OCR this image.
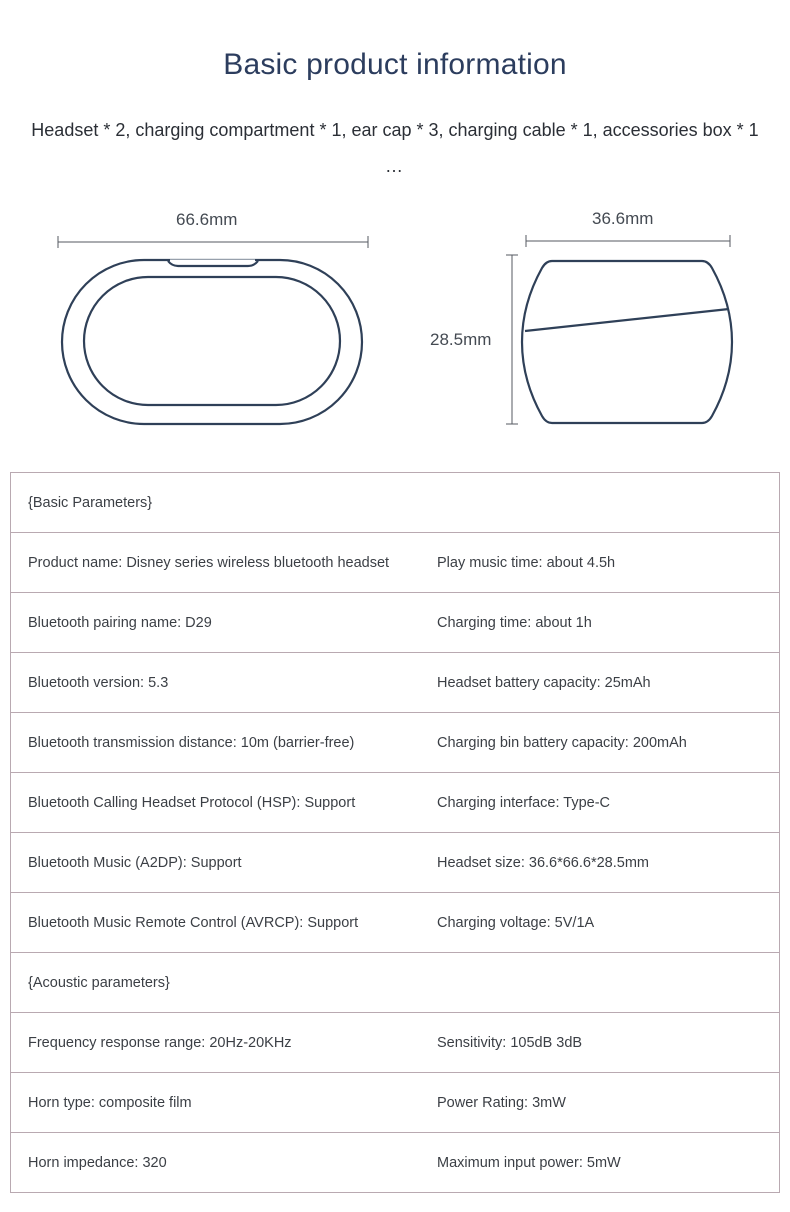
Basic product information
Headset * 2, charging compartment * 1, ear cap * 3, charging cable * 1, accessories box * 1
…
66.6mm	36.6mm
28.5mm
{Basic Parameters}
Product name: Disney series wireless bluetooth headset	Play music time: about 4.5h
Bluetooth pairing name: D29	Charging time: about 1h
Bluetooth version: 5.3	Headset battery capacity: 25mAh
Bluetooth transmission distance: 10m (barrier-free)	Charging bin battery capacity: 200mAh
Bluetooth Calling Headset Protocol (HSP): Support	Charging interface: Type-C
Bluetooth Music (A2DP): Support	Headset size: 36.6*66.6*28.5mm
Bluetooth Music Remote Control (AVRCP): Support	Charging voltage: 5V/1A
{Acoustic parameters}
Frequency response range: 20Hz-20KHz	Sensitivity: 105dB 3dB
Horn type: composite film	Power Rating: 3mW
Horn impedance: 320	Maximum input power: 5mW
